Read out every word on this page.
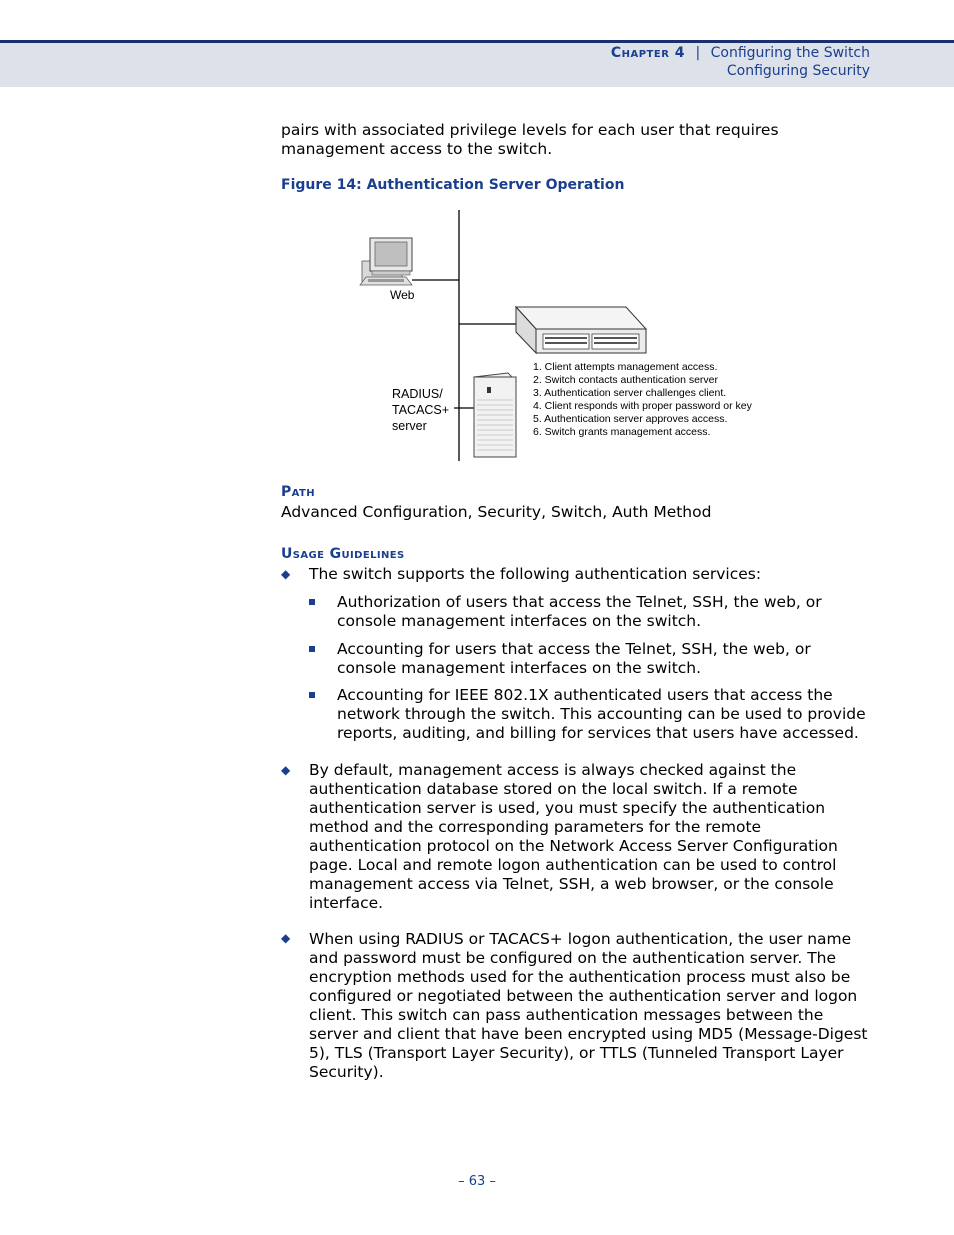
Chapter 4 | Configuring the Switch
Configuring Security
pairs with associated privilege levels for each user that requires management access to the switch.
Figure 14: Authentication Server Operation
Web
RADIUS/
TACACS+
server
1. Client attempts management access.
2. Switch contacts authentication server
3. Authentication server challenges client.
4. Client responds with proper password or key
5. Authentication server approves access.
6. Switch grants management access.
Path
Advanced Configuration, Security, Switch, Auth Method
Usage Guidelines
◆ The switch supports the following authentication services:
Authorization of users that access the Telnet, SSH, the web, or console management interfaces on the switch.
Accounting for users that access the Telnet, SSH, the web, or console management interfaces on the switch.
Accounting for IEEE 802.1X authenticated users that access the network through the switch. This accounting can be used to provide reports, auditing, and billing for services that users have accessed.
◆ By default, management access is always checked against the authentication database stored on the local switch. If a remote authentication server is used, you must specify the authentication method and the corresponding parameters for the remote authentication protocol on the Network Access Server Configuration page. Local and remote logon authentication can be used to control management access via Telnet, SSH, a web browser, or the console interface.
◆ When using RADIUS or TACACS+ logon authentication, the user name and password must be configured on the authentication server. The encryption methods used for the authentication process must also be configured or negotiated between the authentication server and logon client. This switch can pass authentication messages between the server and client that have been encrypted using MD5 (Message-Digest 5), TLS (Transport Layer Security), or TTLS (Tunneled Transport Layer Security).
– 63 –
